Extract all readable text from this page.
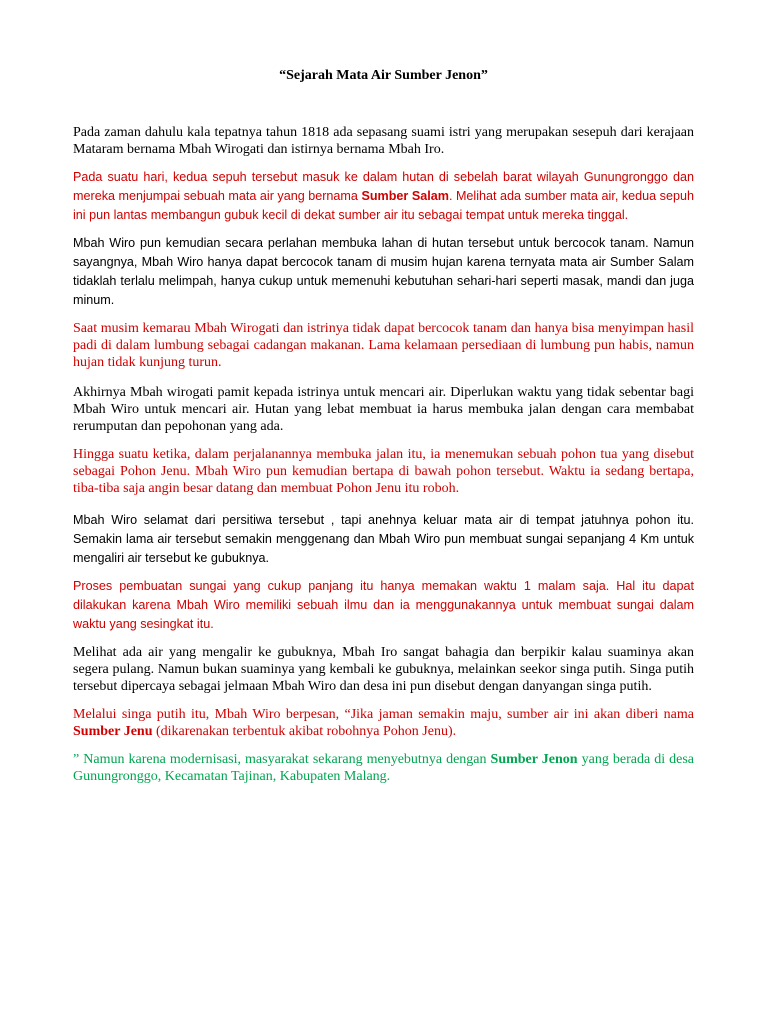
“Sejarah Mata Air Sumber Jenon”

Pada zaman dahulu kala tepatnya tahun 1818 ada sepasang suami istri yang merupakan sesepuh dari kerajaan Mataram bernama Mbah Wirogati dan istirnya bernama Mbah Iro.

Pada suatu hari, kedua sepuh tersebut masuk ke dalam hutan di sebelah barat wilayah Gunungronggo dan mereka menjumpai sebuah mata air yang bernama Sumber Salam. Melihat ada sumber mata air, kedua sepuh ini pun lantas membangun gubuk kecil di dekat sumber air itu sebagai tempat untuk mereka tinggal.

Mbah Wiro pun kemudian secara perlahan membuka lahan di hutan tersebut untuk bercocok tanam. Namun sayangnya, Mbah Wiro hanya dapat bercocok tanam di musim hujan karena ternyata mata air Sumber Salam tidaklah terlalu melimpah, hanya cukup untuk memenuhi kebutuhan sehari-hari seperti masak, mandi dan juga minum.

Saat musim kemarau Mbah Wirogati dan istrinya tidak dapat bercocok tanam dan hanya bisa menyimpan hasil padi di dalam lumbung sebagai cadangan makanan. Lama kelamaan persediaan di lumbung pun habis, namun hujan tidak kunjung turun.

Akhirnya Mbah wirogati pamit kepada istrinya untuk mencari air. Diperlukan waktu yang tidak sebentar bagi Mbah Wiro untuk mencari air. Hutan yang lebat membuat ia harus membuka jalan dengan cara membabat rerumputan dan pepohonan yang ada.

Hingga suatu ketika, dalam perjalanannya membuka jalan itu, ia menemukan sebuah pohon tua yang disebut sebagai Pohon Jenu. Mbah Wiro pun kemudian bertapa di bawah pohon tersebut. Waktu ia sedang bertapa, tiba-tiba saja angin besar datang dan membuat Pohon Jenu itu roboh.

Mbah Wiro selamat dari persitiwa tersebut , tapi anehnya keluar mata air di tempat jatuhnya pohon itu. Semakin lama air tersebut semakin menggenang dan Mbah Wiro pun membuat sungai sepanjang 4 Km untuk mengaliri air tersebut ke gubuknya.

Proses pembuatan sungai yang cukup panjang itu hanya memakan waktu 1 malam saja. Hal itu dapat dilakukan karena Mbah Wiro memiliki sebuah ilmu dan ia menggunakannya untuk membuat sungai dalam waktu yang sesingkat itu.

Melihat ada air yang mengalir ke gubuknya, Mbah Iro sangat bahagia dan berpikir kalau suaminya akan segera pulang. Namun bukan suaminya yang kembali ke gubuknya, melainkan seekor singa putih. Singa putih tersebut dipercaya sebagai jelmaan Mbah Wiro dan desa ini pun disebut dengan danyangan singa putih.

Melalui singa putih itu, Mbah Wiro berpesan, “Jika jaman semakin maju, sumber air ini akan diberi nama Sumber Jenu (dikarenakan terbentuk akibat robohnya Pohon Jenu).

” Namun karena modernisasi, masyarakat sekarang menyebutnya dengan Sumber Jenon yang berada di desa Gunungronggo, Kecamatan Tajinan, Kabupaten Malang.
